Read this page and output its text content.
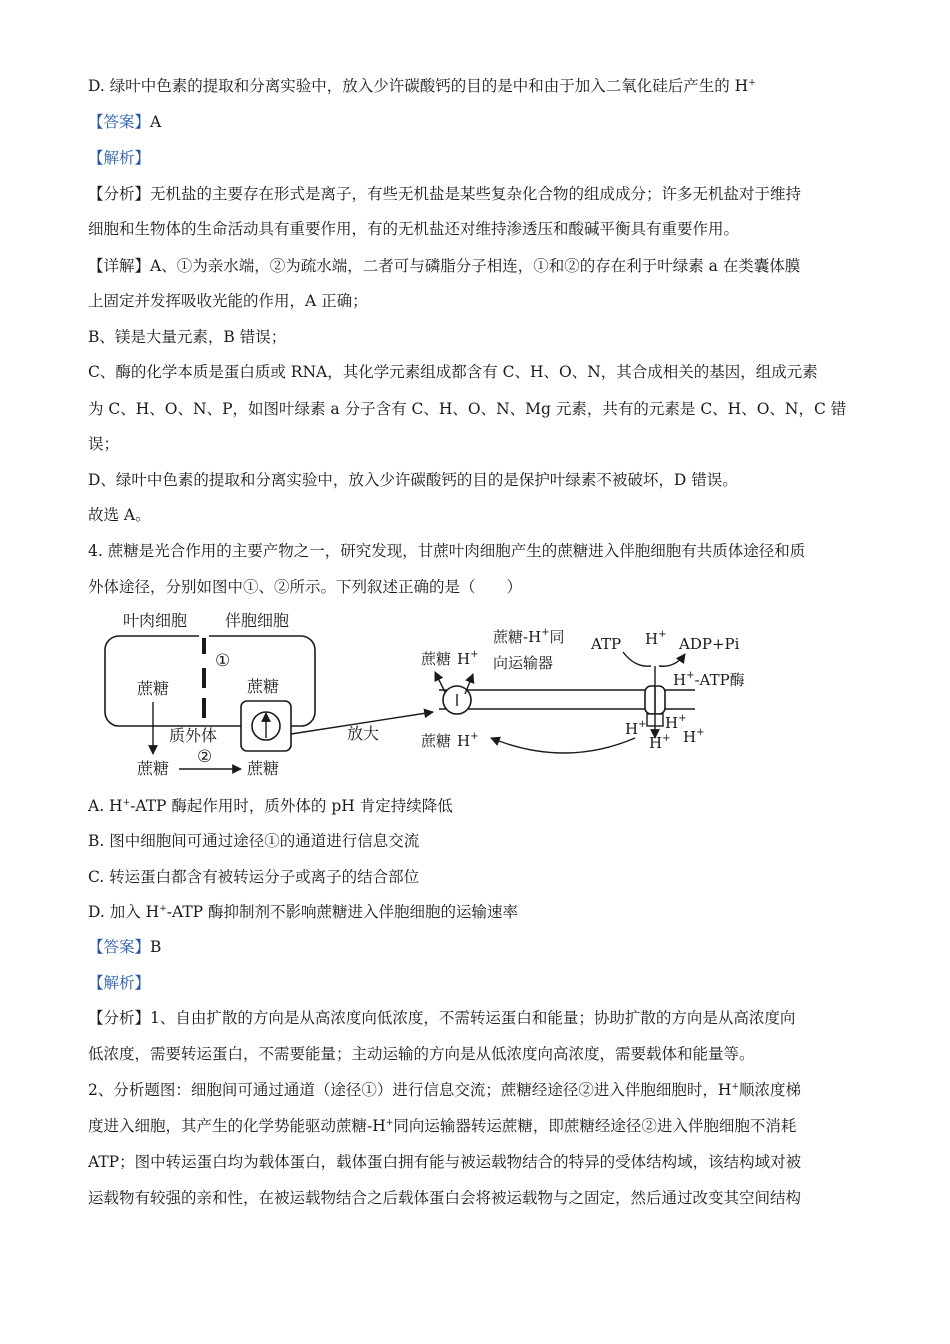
D. 绿叶中色素的提取和分离实验中，放入少许碳酸钙的目的是中和由于加入二氧化硅后产生的 H+
【答案】A
【解析】
【分析】无机盐的主要存在形式是离子，有些无机盐是某些复杂化合物的组成成分；许多无机盐对于维持
细胞和生物体的生命活动具有重要作用，有的无机盐还对维持渗透压和酸碱平衡具有重要作用。
【详解】A、①为亲水端，②为疏水端，二者可与磷脂分子相连，①和②的存在利于叶绿素 a 在类囊体膜
上固定并发挥吸收光能的作用，A 正确；
B、镁是大量元素，B 错误；
C、酶的化学本质是蛋白质或 RNA，其化学元素组成都含有 C、H、O、N，其合成相关的基因，组成元素
为 C、H、O、N、P，如图叶绿素 a 分子含有 C、H、O、N、Mg 元素，共有的元素是 C、H、O、N，C 错
误；
D、绿叶中色素的提取和分离实验中，放入少许碳酸钙的目的是保护叶绿素不被破坏，D 错误。
故选 A。
4. 蔗糖是光合作用的主要产物之一，研究发现，甘蔗叶肉细胞产生的蔗糖进入伴胞细胞有共质体途径和质
外体途径，分别如图中①、②所示。下列叙述正确的是（　　）
叶肉细胞 伴胞细胞
①
蔗糖	蔗糖
质外体
蔗糖
②
蔗糖
放大
蔗糖 H+
蔗糖-H+同
向运输器
蔗糖 H+
ATP H+
ADP+Pi
H+-ATP酶
H+ H+
H+ H+
A. H+-ATP 酶起作用时，质外体的 pH 肯定持续降低
B. 图中细胞间可通过途径①的通道进行信息交流
C. 转运蛋白都含有被转运分子或离子的结合部位
D. 加入 H+-ATP 酶抑制剂不影响蔗糖进入伴胞细胞的运输速率
【答案】B
【解析】
【分析】1、自由扩散的方向是从高浓度向低浓度，不需转运蛋白和能量；协助扩散的方向是从高浓度向
低浓度，需要转运蛋白，不需要能量；主动运输的方向是从低浓度向高浓度，需要载体和能量等。
2、分析题图：细胞间可通过通道（途径①）进行信息交流；蔗糖经途径②进入伴胞细胞时，H+顺浓度梯
度进入细胞，其产生的化学势能驱动蔗糖-H+同向运输器转运蔗糖，即蔗糖经途径②进入伴胞细胞不消耗
ATP；图中转运蛋白均为载体蛋白，载体蛋白拥有能与被运载物结合的特异的受体结构域，该结构域对被
运载物有较强的亲和性，在被运载物结合之后载体蛋白会将被运载物与之固定，然后通过改变其空间结构
